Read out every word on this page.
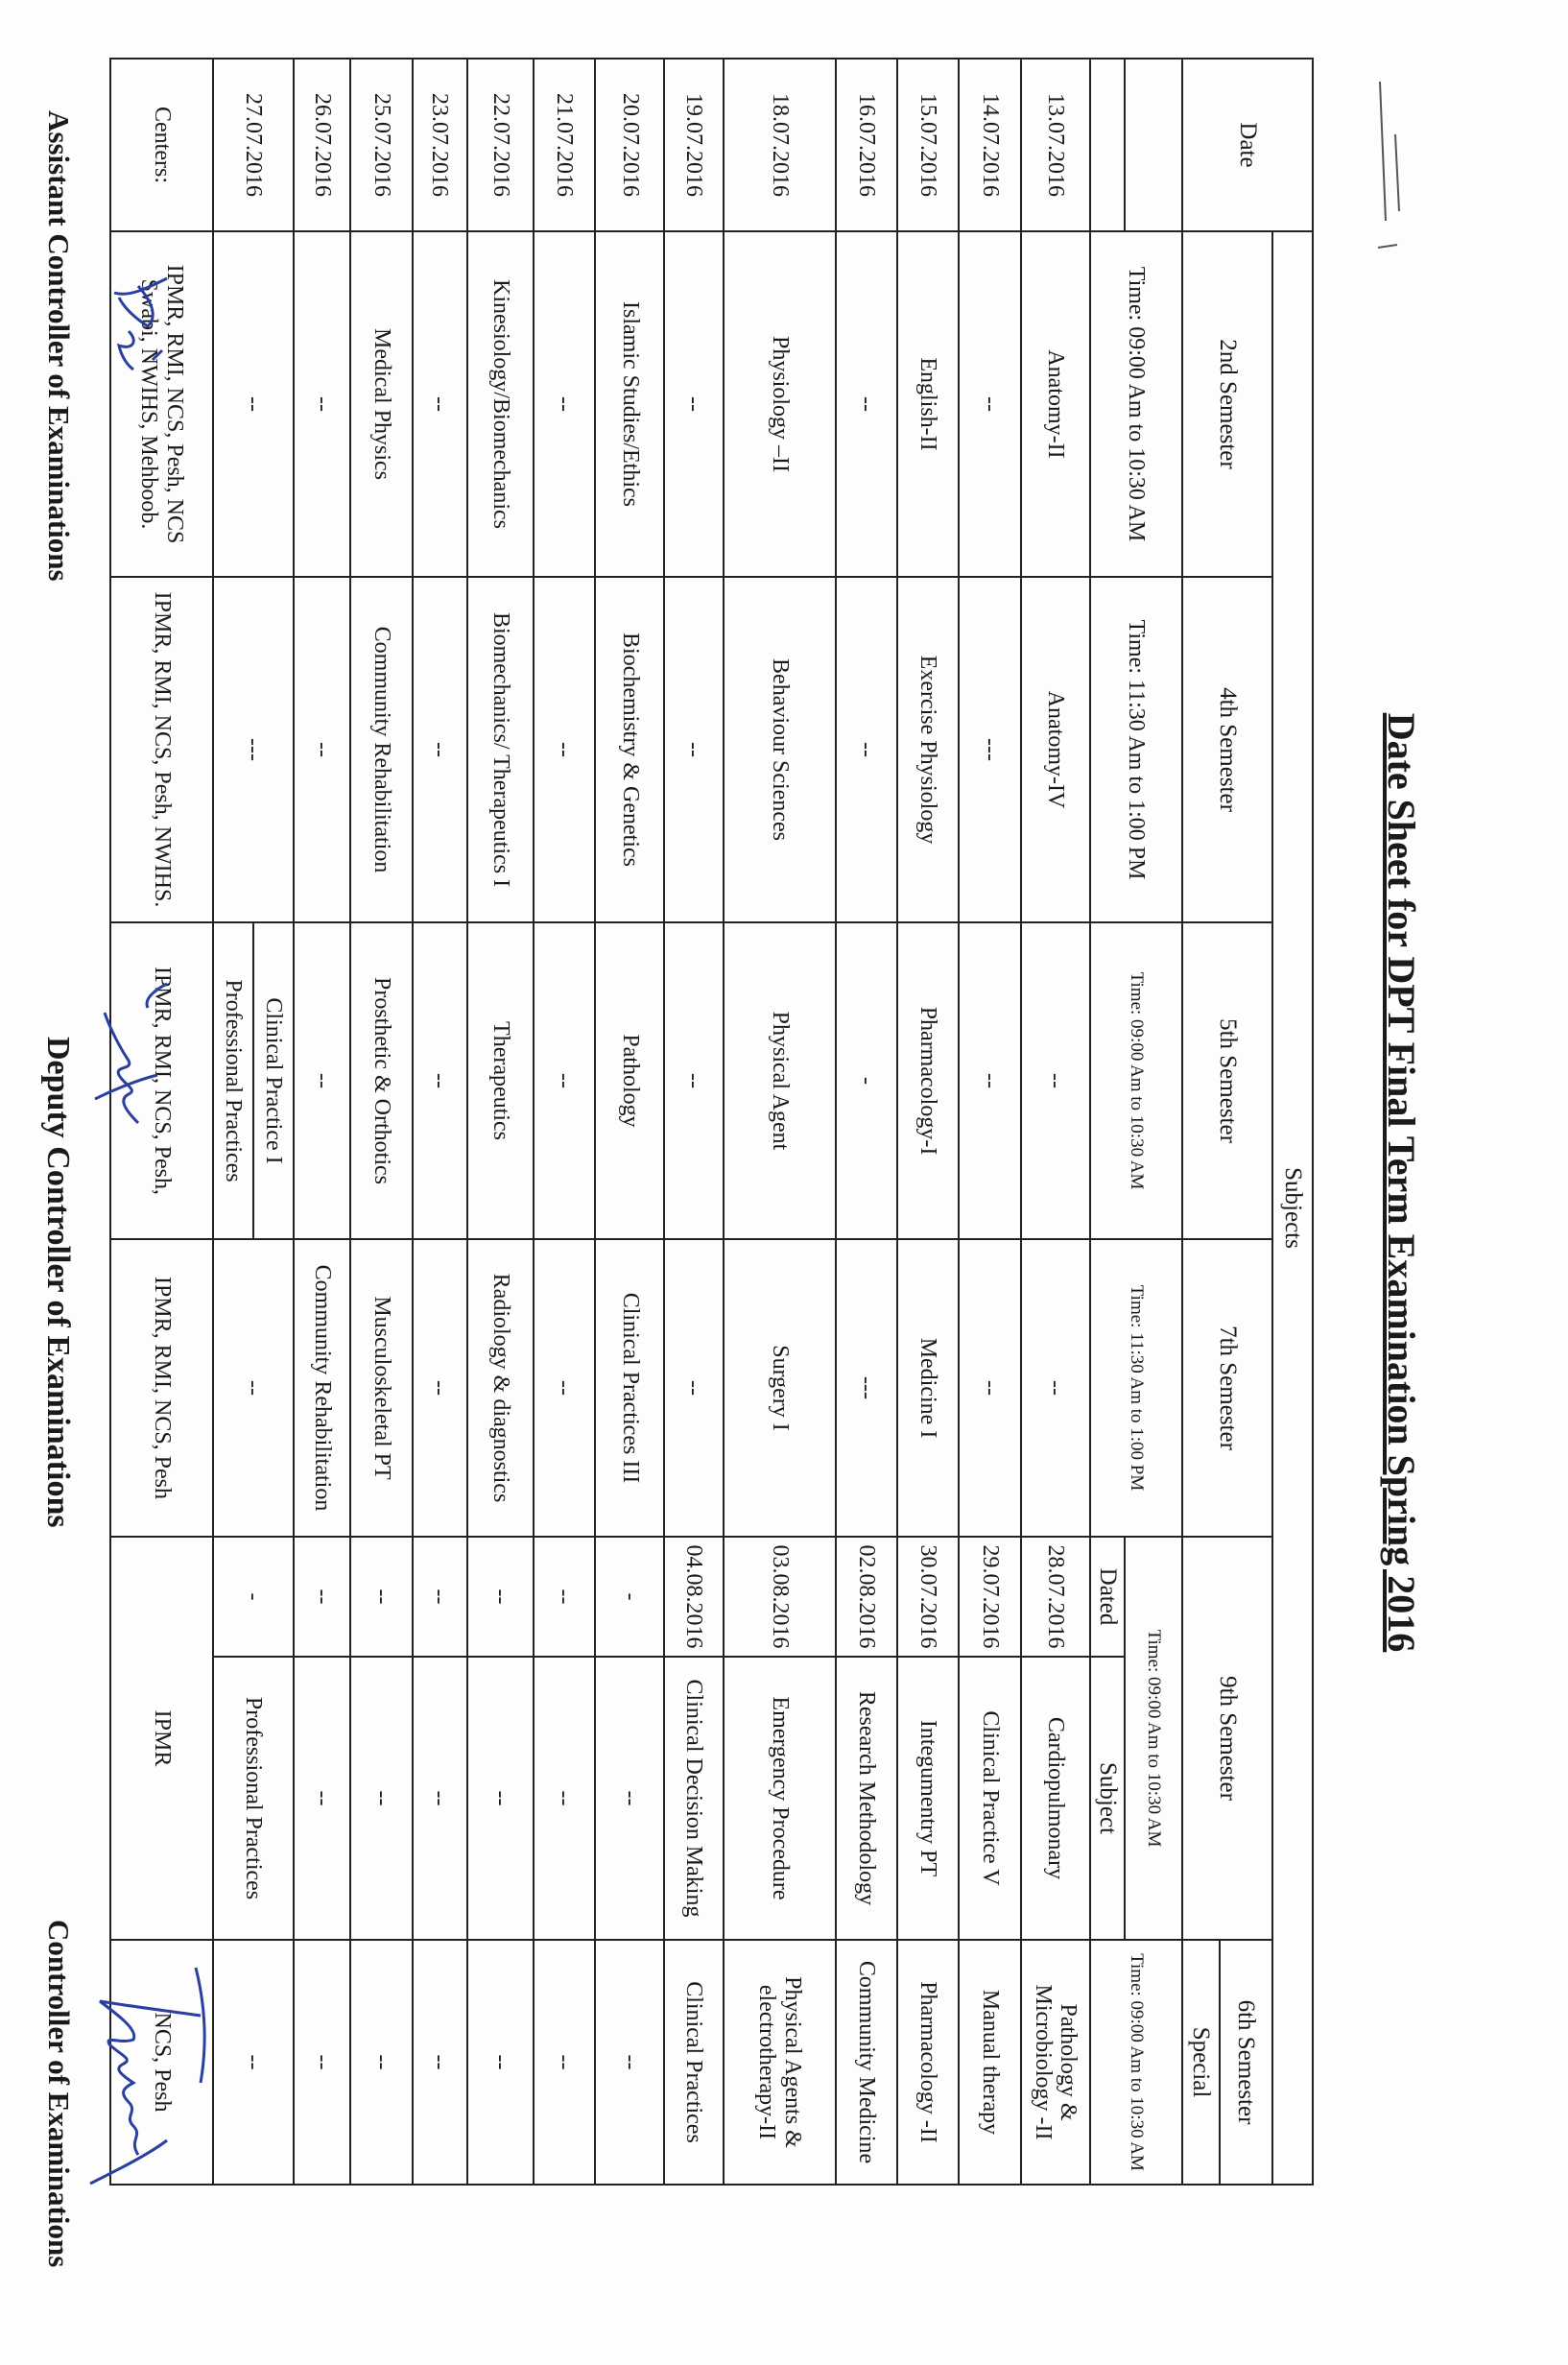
Date Sheet for DPT Final Term Examination Spring 2016
Date	Subjects						
	2nd Semester	4th Semester	5th Semester	7th Semester	9th Semester		6th Semester
							Special
	Time: 09:00 Am to 10:30 AM	Time: 11:30 Am to 1:00 PM	Time: 09:00 Am to 10:30 AM	Time: 11:30 Am to 1:00 PM	Time: 09:00 Am to 10:30 AM		Time: 09:00 Am to 10:30 AM
					Dated	Subject	
13.07.2016	Anatomy-II	Anatomy-IV	--	--	28.07.2016	Cardiopulmonary	Pathology & Microbiology -II
14.07.2016	--	---	--	--	29.07.2016	Clinical Practice V	Manual therapy
15.07.2016	English-II	Exercise Physiology	Pharmacology-I	Medicine I	30.07.2016	Integumentry PT	Pharmacology -II
16.07.2016	--	--	-	---	02.08.2016	Research Methodology	Community Medicine
18.07.2016	Physiology –II	Behaviour Sciences	Physical Agent	Surgery I	03.08.2016	Emergency Procedure	Physical Agents & electrotherapy-II
19.07.2016	--	--	--	--	04.08.2016	Clinical Decision Making	Clinical Practices
20.07.2016	Islamic Studies/Ethics	Biochemistry & Genetics	Pathology	Clinical Practices III	-	--	--
21.07.2016	--	--	--	--	--	--	--
22.07.2016	Kinesiology/Biomechanics	Biomechanics/ Therapeutics I	Therapeutics	Radiology & diagnostics	--	--	--
23.07.2016	--	--	--	--	--	--	--
25.07.2016	Medical Physics	Community Rehabilitation	Prosthetic & Orthotics	Musculoskeletal PT	--	--	--
26.07.2016	--	--	--	Community Rehabilitation	--	--	--
27.07.2016	--	---	Clinical Practice I	--	-	Professional Practices	--
			Professional Practices				
Centers:	IPMR, RMI, NCS, Pesh, NCS Swabi, NWIHS, Mehboob.	IPMR, RMI, NCS, Pesh, NWIHS.	IPMR, RMI, NCS, Pesh,	IPMR, RMI, NCS, Pesh	IPMR		NCS, Pesh
Assistant Controller of Examinations
Deputy Controller of Examinations
Controller of Examinations
